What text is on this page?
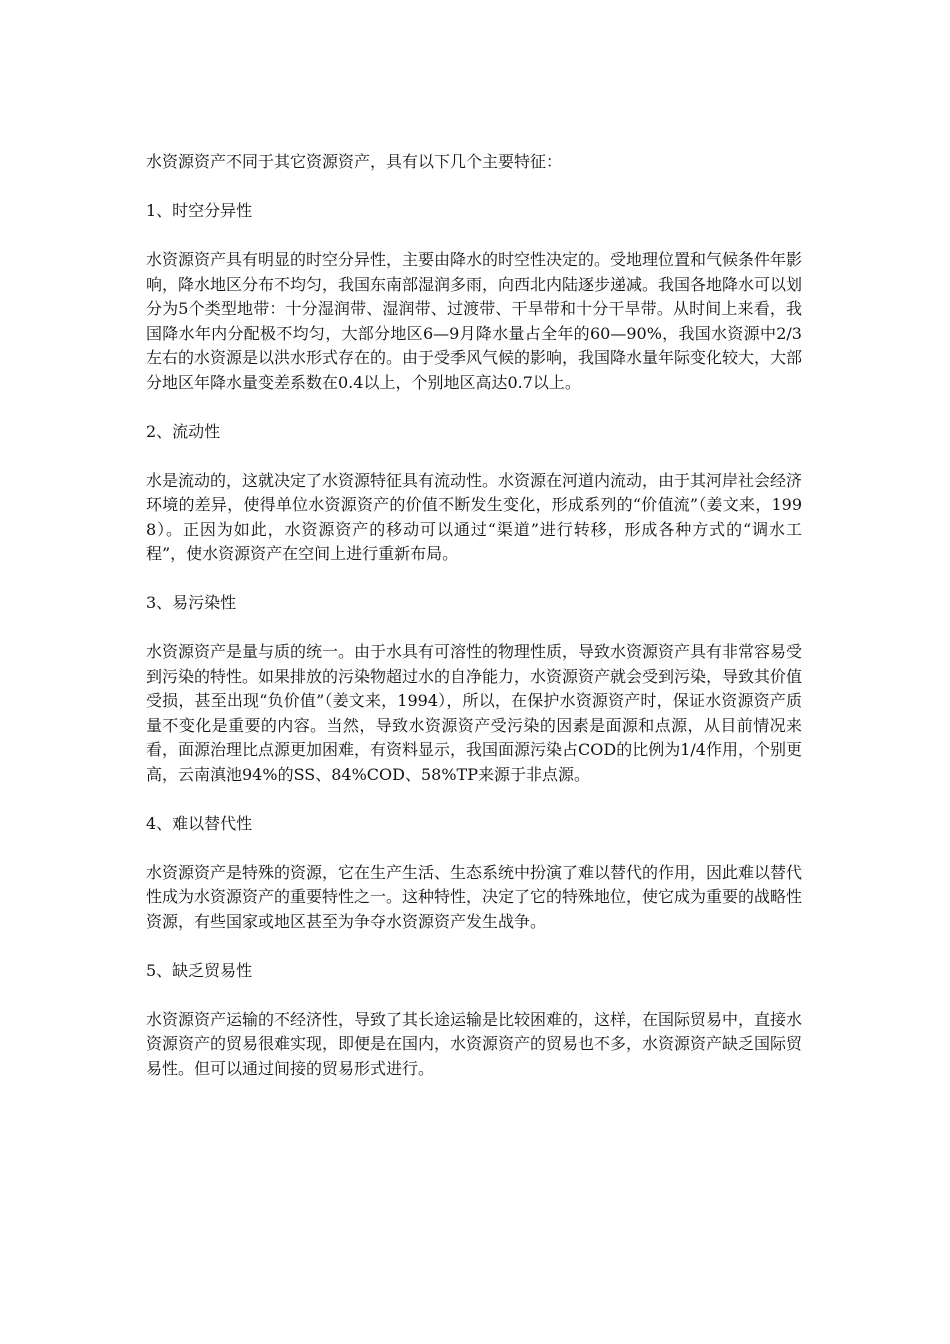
水资源资产不同于其它资源资产，具有以下几个主要特征：

1、时空分异性

水资源资产具有明显的时空分异性，主要由降水的时空性决定的。受地理位置和气候条件年影响，降水地区分布不均匀，我国东南部湿润多雨，向西北内陆逐步递减。我国各地降水可以划分为5个类型地带：十分湿润带、湿润带、过渡带、干旱带和十分干旱带。从时间上来看，我国降水年内分配极不均匀，大部分地区6—9月降水量占全年的60—90%，我国水资源中2/3左右的水资源是以洪水形式存在的。由于受季风气候的影响，我国降水量年际变化较大，大部分地区年降水量变差系数在0.4以上，个别地区高达0.7以上。

2、流动性

水是流动的，这就决定了水资源特征具有流动性。水资源在河道内流动，由于其河岸社会经济环境的差异，使得单位水资源资产的价值不断发生变化，形成系列的“价值流”（姜文来，1998）。正因为如此，水资源资产的移动可以通过“渠道”进行转移，形成各种方式的“调水工程”，使水资源资产在空间上进行重新布局。

3、易污染性

水资源资产是量与质的统一。由于水具有可溶性的物理性质，导致水资源资产具有非常容易受到污染的特性。如果排放的污染物超过水的自净能力，水资源资产就会受到污染，导致其价值受损，甚至出现“负价值”（姜文来，1994），所以，在保护水资源资产时，保证水资源资产质量不变化是重要的内容。当然，导致水资源资产受污染的因素是面源和点源，从目前情况来看，面源治理比点源更加困难，有资料显示，我国面源污染占COD的比例为1/4作用，个别更高，云南滇池94%的SS、84%COD、58%TP来源于非点源。

4、难以替代性

水资源资产是特殊的资源，它在生产生活、生态系统中扮演了难以替代的作用，因此难以替代性成为水资源资产的重要特性之一。这种特性，决定了它的特殊地位，使它成为重要的战略性资源，有些国家或地区甚至为争夺水资源资产发生战争。

5、缺乏贸易性

水资源资产运输的不经济性，导致了其长途运输是比较困难的，这样，在国际贸易中，直接水资源资产的贸易很难实现，即便是在国内，水资源资产的贸易也不多，水资源资产缺乏国际贸易性。但可以通过间接的贸易形式进行。
